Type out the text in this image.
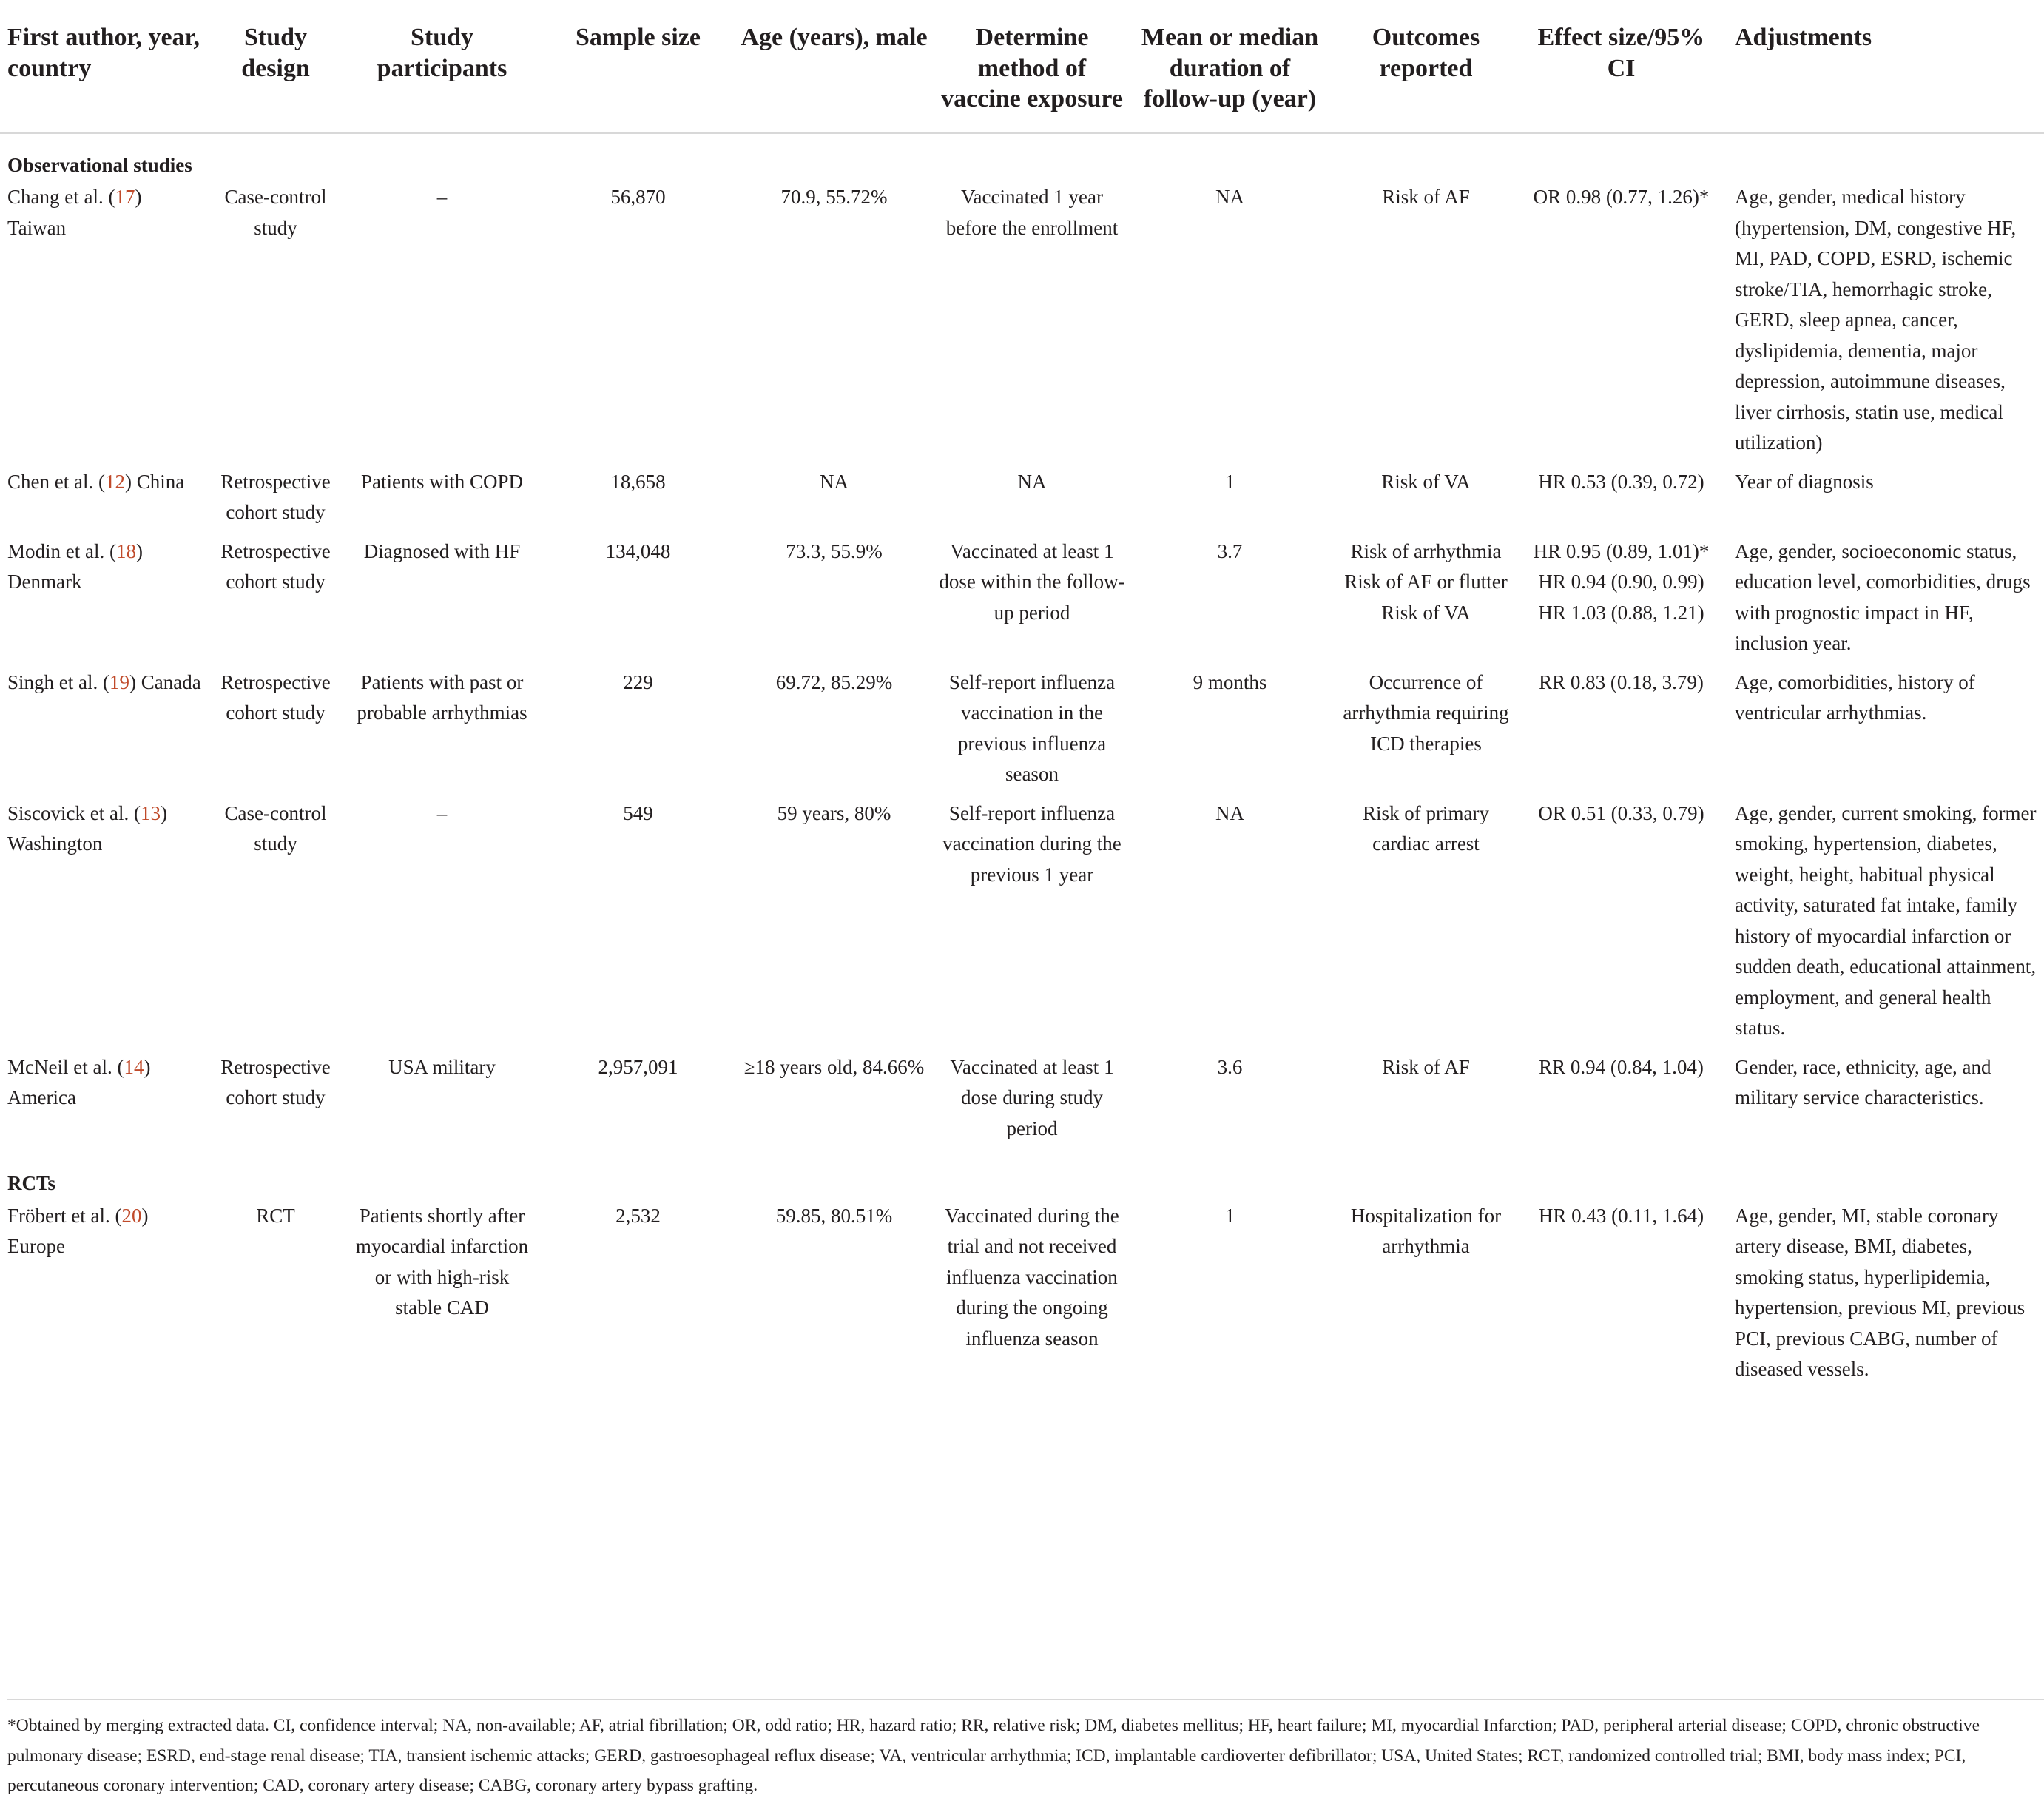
First author, year, country	Study design	Study participants	Sample size	Age (years), male	Determine method of vaccine exposure	Mean or median duration of follow-up (year)	Outcomes reported	Effect size/95% CI	Adjustments
Observational studies									
Chang et al. (17) Taiwan	Case-control study	–	56,870	70.9, 55.72%	Vaccinated 1 year before the enrollment	NA	Risk of AF	OR 0.98 (0.77, 1.26)*	Age, gender, medical history (hypertension, DM, congestive HF, MI, PAD, COPD, ESRD, ischemic stroke/TIA, hemorrhagic stroke, GERD, sleep apnea, cancer, dyslipidemia, dementia, major depression, autoimmune diseases, liver cirrhosis, statin use, medical utilization)
Chen et al. (12) China	Retrospective cohort study	Patients with COPD	18,658	NA	NA	1	Risk of VA	HR 0.53 (0.39, 0.72)	Year of diagnosis
Modin et al. (18) Denmark	Retrospective cohort study	Diagnosed with HF	134,048	73.3, 55.9%	Vaccinated at least 1 dose within the follow-up period	3.7	Risk of arrhythmia Risk of AF or flutter Risk of VA	HR 0.95 (0.89, 1.01)* HR 0.94 (0.90, 0.99) HR 1.03 (0.88, 1.21)	Age, gender, socioeconomic status, education level, comorbidities, drugs with prognostic impact in HF, inclusion year.
Singh et al. (19) Canada	Retrospective cohort study	Patients with past or probable arrhythmias	229	69.72, 85.29%	Self-report influenza vaccination in the previous influenza season	9 months	Occurrence of arrhythmia requiring ICD therapies	RR 0.83 (0.18, 3.79)	Age, comorbidities, history of ventricular arrhythmias.
Siscovick et al. (13) Washington	Case-control study	–	549	59 years, 80%	Self-report influenza vaccination during the previous 1 year	NA	Risk of primary cardiac arrest	OR 0.51 (0.33, 0.79)	Age, gender, current smoking, former smoking, hypertension, diabetes, weight, height, habitual physical activity, saturated fat intake, family history of myocardial infarction or sudden death, educational attainment, employment, and general health status.
McNeil et al. (14) America	Retrospective cohort study	USA military	2,957,091	≥18 years old, 84.66%	Vaccinated at least 1 dose during study period	3.6	Risk of AF	RR 0.94 (0.84, 1.04)	Gender, race, ethnicity, age, and military service characteristics.
RCTs									
Fröbert et al. (20) Europe	RCT	Patients shortly after myocardial infarction or with high-risk stable CAD	2,532	59.85, 80.51%	Vaccinated during the trial and not received influenza vaccination during the ongoing influenza season	1	Hospitalization for arrhythmia	HR 0.43 (0.11, 1.64)	Age, gender, MI, stable coronary artery disease, BMI, diabetes, smoking status, hyperlipidemia, hypertension, previous MI, previous PCI, previous CABG, number of diseased vessels.
*Obtained by merging extracted data. CI, confidence interval; NA, non-available; AF, atrial fibrillation; OR, odd ratio; HR, hazard ratio; RR, relative risk; DM, diabetes mellitus; HF, heart failure; MI, myocardial Infarction; PAD, peripheral arterial disease; COPD, chronic obstructive pulmonary disease; ESRD, end-stage renal disease; TIA, transient ischemic attacks; GERD, gastroesophageal reflux disease; VA, ventricular arrhythmia; ICD, implantable cardioverter defibrillator; USA, United States; RCT, randomized controlled trial; BMI, body mass index; PCI, percutaneous coronary intervention; CAD, coronary artery disease; CABG, coronary artery bypass grafting.
